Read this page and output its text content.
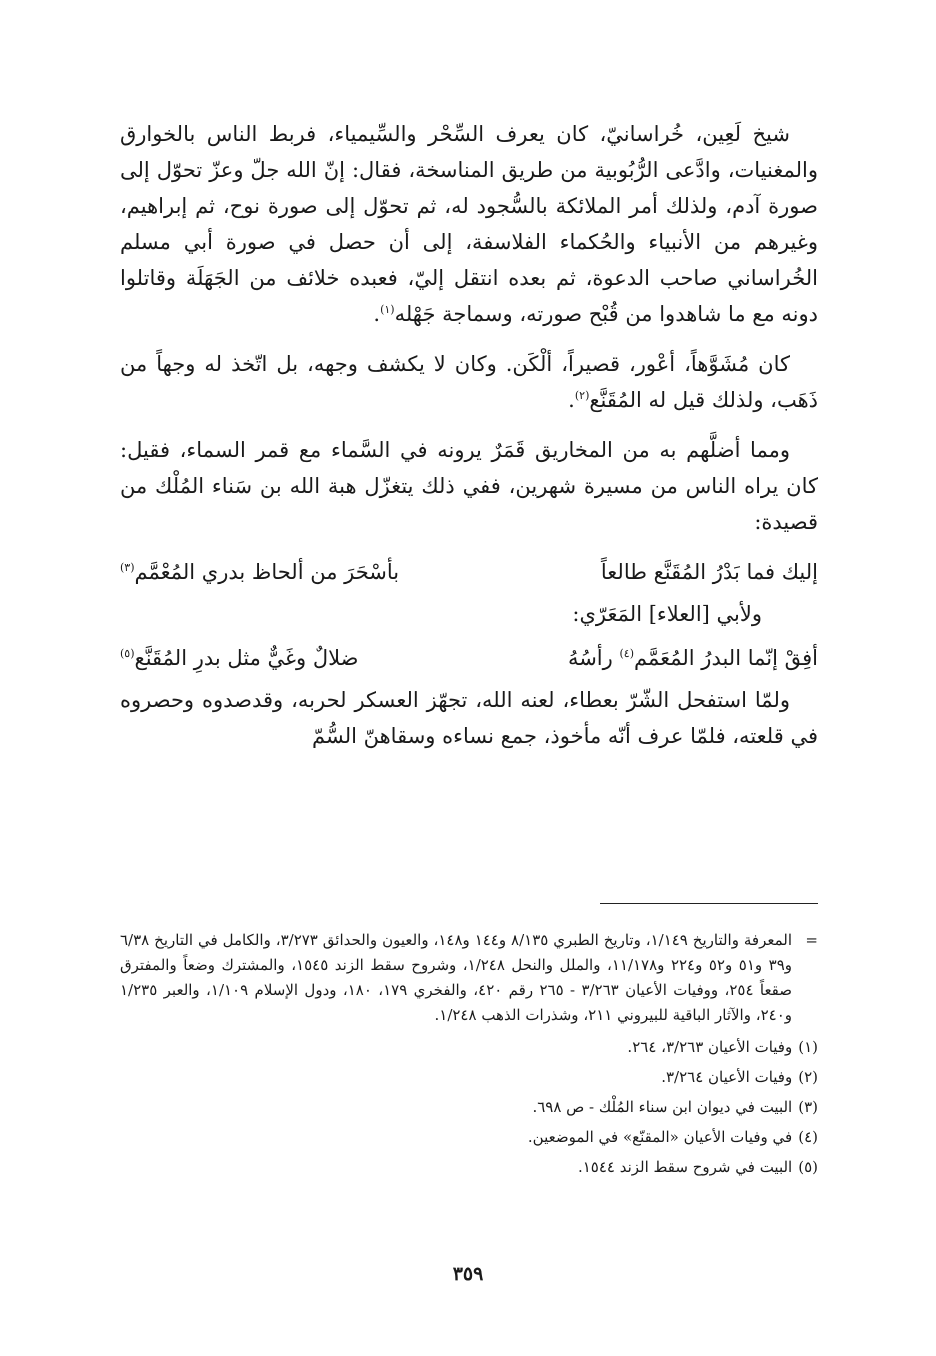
شيخ لَعِين، خُراسانيّ، كان يعرف السِّحْر والسِّيمياء، فربط الناس بالخوارق والمغنيات، وادَّعى الرُّبُوبية من طريق المناسخة، فقال: إنّ الله جلّ وعزّ تحوّل إلى صورة آدم، ولذلك أمر الملائكة بالسُّجود له، ثم تحوّل إلى صورة نوح، ثم إبراهيم، وغيرهم من الأنبياء والحُكماء الفلاسفة، إلى أن حصل في صورة أبي مسلم الخُراساني صاحب الدعوة، ثم بعده انتقل إليّ، فعبده خلائف من الجَهَلَة وقاتلوا دونه مع ما شاهدوا من قُبْح صورته، وسماجة جَهْله$^{(١)}$.

كان مُشَوَّهاً، أعْور، قصيراً، ألْكَن. وكان لا يكشف وجهه، بل اتّخذ له وجهاً من ذَهَب، ولذلك قيل له المُقَنَّع$^{(٢)}$.

ومما أضلَّهم به من المخاريق قَمَرٌ يرونه في السَّماء مع قمر السماء، فقيل: كان يراه الناس من مسيرة شهرين، ففي ذلك يتغزّل هبة الله بن سَناء المُلْك من قصيدة:

إليك فما بَدْرُ المُقَنَّع طالعاً
بأسْحَرَ من ألحاظ بدري المُعْمَّم$^{(٣)}$

ولأبي [العلاء] المَعَرّي:

أفِقْ إنّما البدرُ المُعَمَّم$^{(٤)}$ رأسُهُ
ضلالٌ وغَيٌّ مثل بدرِ المُقَنَّع$^{(٥)}$

ولمّا استفحل الشّرّ بعطاء، لعنه الله، تجهّز العسكر لحربه، وقدصدوه وحصروه في قلعته، فلمّا عرف أنّه مأخوذ، جمع نساءه وسقاهنّ السُّمّ

=
المعرفة والتاريخ ١/١٤٩، وتاريخ الطبري ٨/١٣٥ و١٤٤ و١٤٨، والعيون والحدائق ٣/٢٧٣، والكامل في التاريخ ٦/٣٨ و٣٩ و٥١ و٥٢ و٢٢٤ و١١/١٧٨، والملل والنحل ١/٢٤٨، وشروح سقط الزند ١٥٤٥، والمشترك وضعاً والمفترق صقعاً ٢٥٤، ووفيات الأعيان ٣/٢٦٣ - ٢٦٥ رقم ٤٢٠، والفخري ١٧٩، ١٨٠، ودول الإسلام ١/١٠٩، والعبر ١/٢٣٥ و٢٤٠، والآثار الباقية للبيروني ٢١١، وشذرات الذهب ١/٢٤٨.

(١)وفيات الأعيان ٣/٢٦٣، ٢٦٤.

(٢)وفيات الأعيان ٣/٢٦٤.

(٣)البيت في ديوان ابن سناء المُلْك - ص ٦٩٨.

(٤)في وفيات الأعيان «المقنّع» في الموضعين.

(٥)البيت في شروح سقط الزند ١٥٤٤.

٣٥٩
